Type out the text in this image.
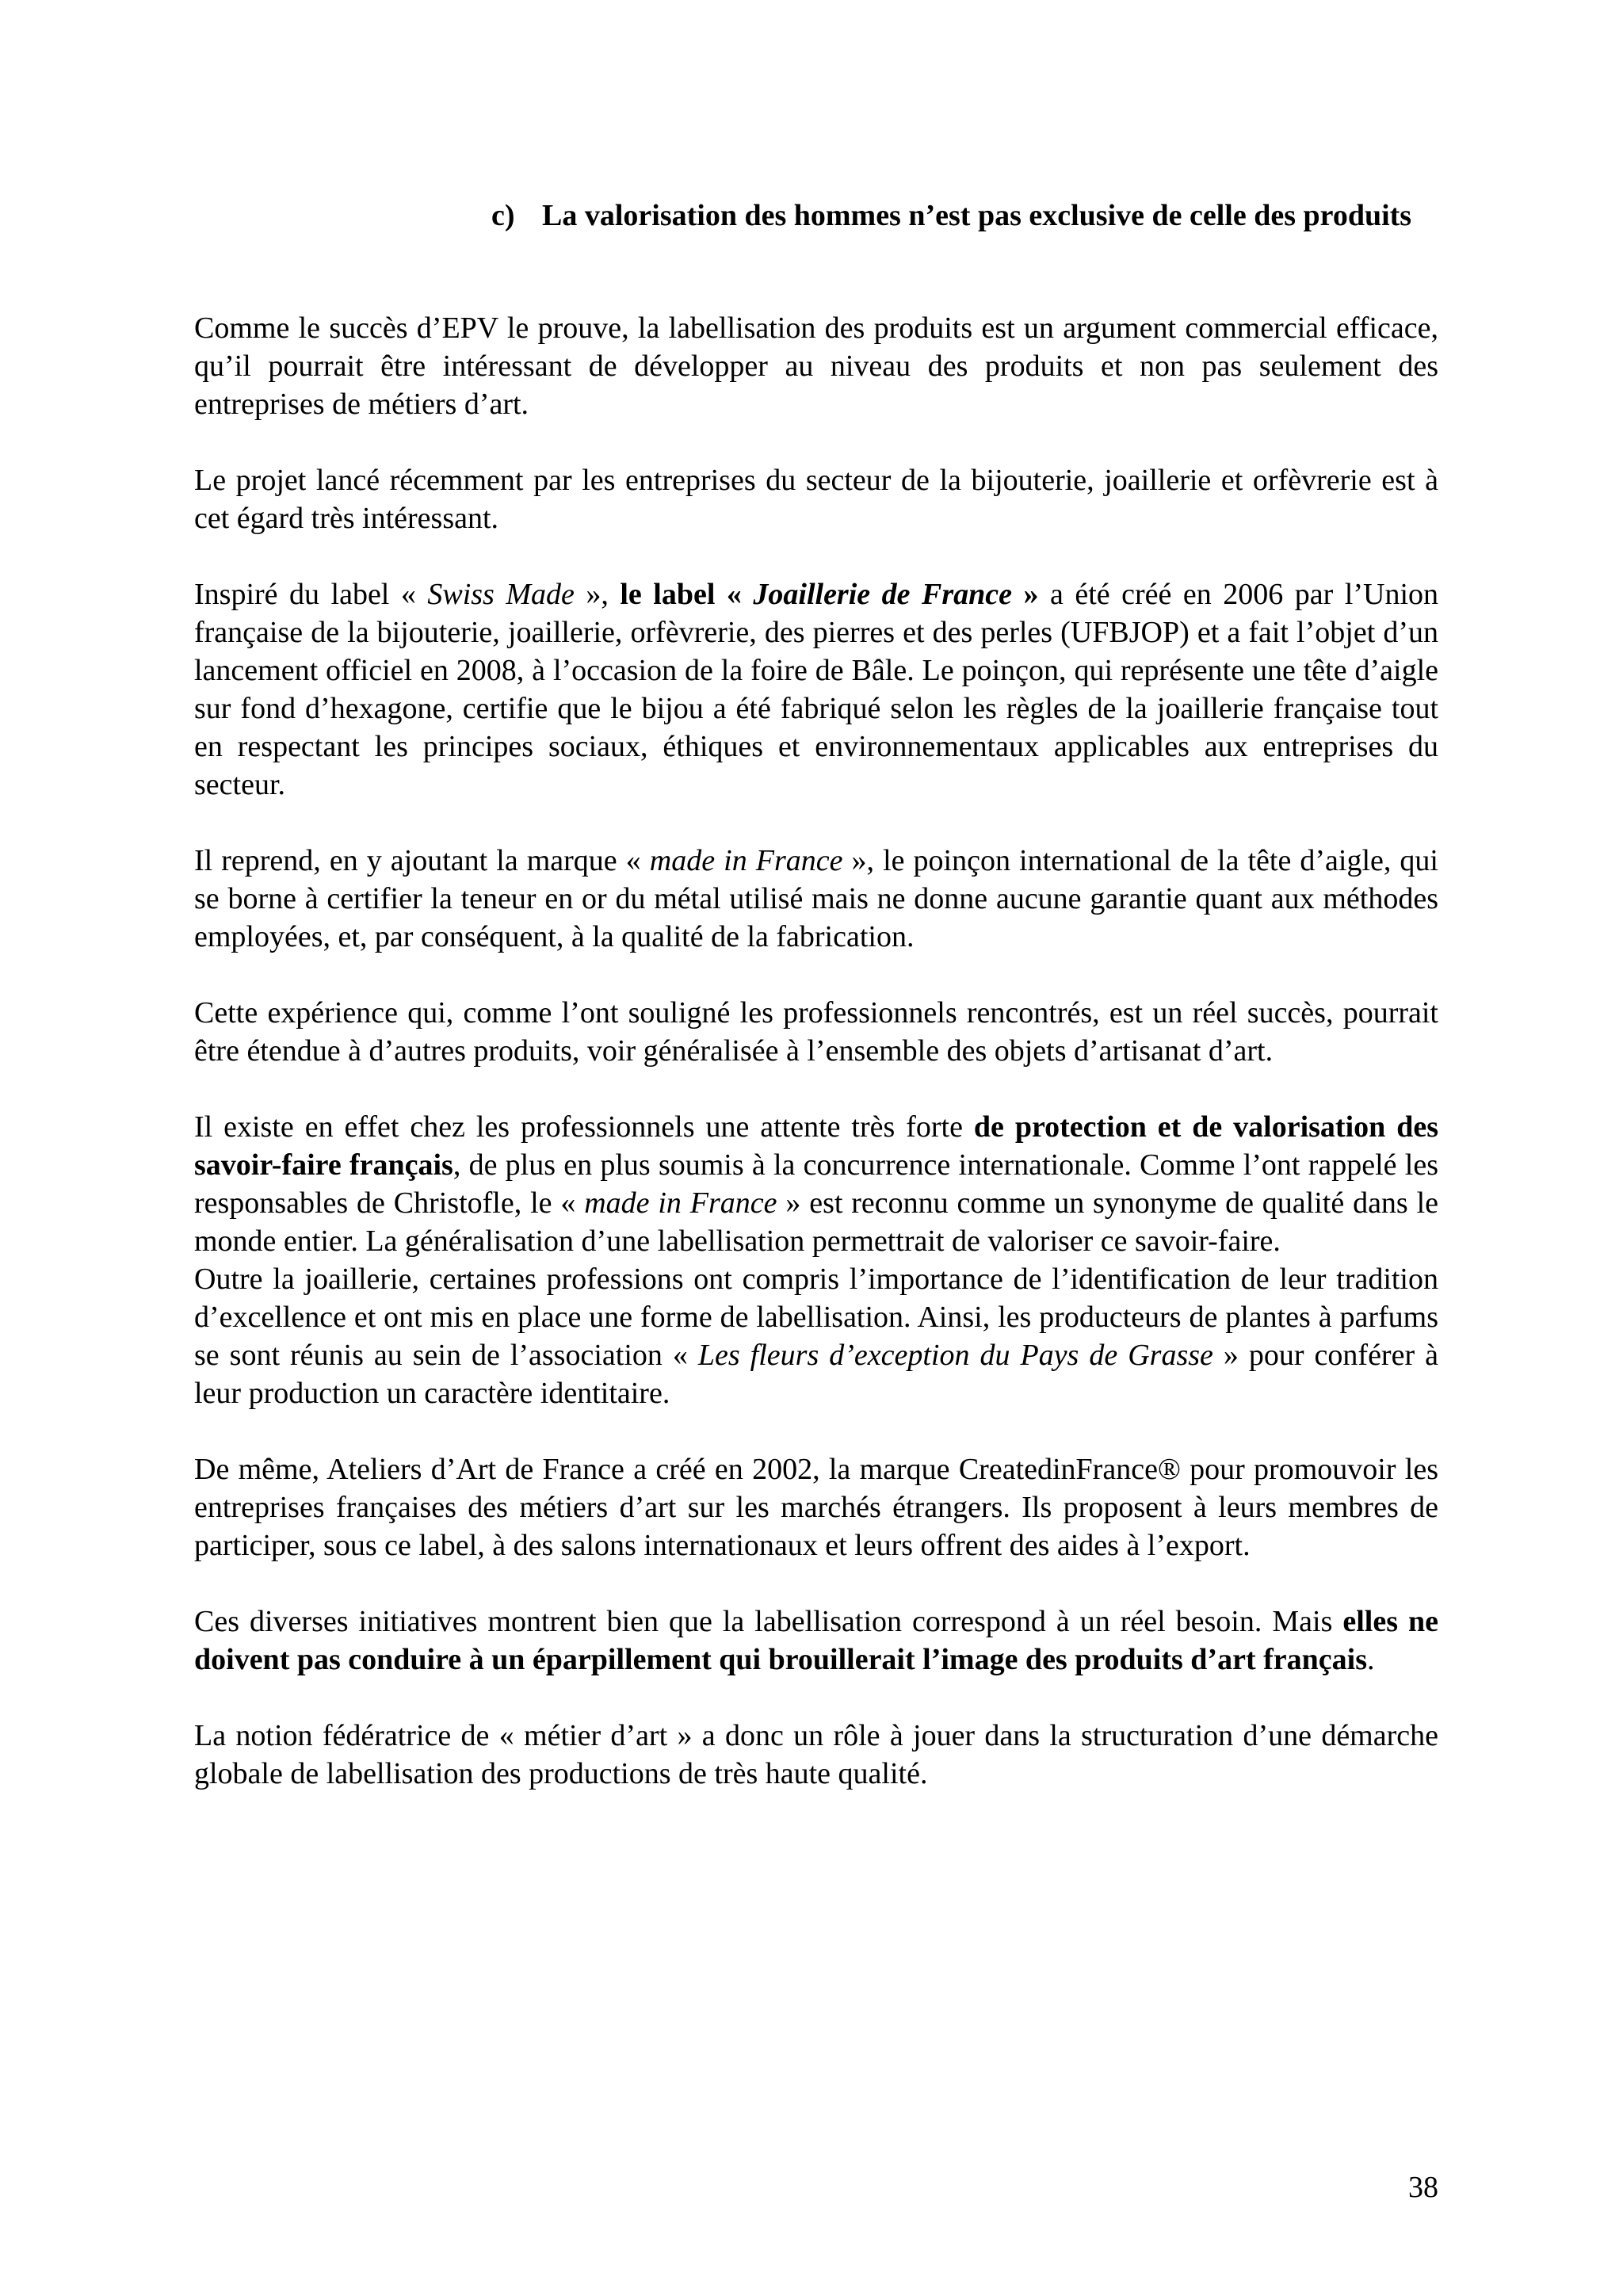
c) La valorisation des hommes n’est pas exclusive de celle des produits

Comme le succès d’EPV le prouve, la labellisation des produits est un argument commercial efficace, qu’il pourrait être intéressant de développer au niveau des produits et non pas seulement des entreprises de métiers d’art.

Le projet lancé récemment par les entreprises du secteur de la bijouterie, joaillerie et orfèvrerie est à cet égard très intéressant.

Inspiré du label « Swiss Made », le label « Joaillerie de France » a été créé en 2006 par l’Union française de la bijouterie, joaillerie, orfèvrerie, des pierres et des perles (UFBJOP) et a fait l’objet d’un lancement officiel en 2008, à l’occasion de la foire de Bâle. Le poinçon, qui représente une tête d’aigle sur fond d’hexagone, certifie que le bijou a été fabriqué selon les règles de la joaillerie française tout en respectant les principes sociaux, éthiques et environnementaux applicables aux entreprises du secteur.

Il reprend, en y ajoutant la marque « made in France », le poinçon international de la tête d’aigle, qui se borne à certifier la teneur en or du métal utilisé mais ne donne aucune garantie quant aux méthodes employées, et, par conséquent, à la qualité de la fabrication.

Cette expérience qui, comme l’ont souligné les professionnels rencontrés, est un réel succès, pourrait être étendue à d’autres produits, voir généralisée à l’ensemble des objets d’artisanat d’art.

Il existe en effet chez les professionnels une attente très forte de protection et de valorisation des savoir-faire français, de plus en plus soumis à la concurrence internationale. Comme l’ont rappelé les responsables de Christofle, le « made in France » est reconnu comme un synonyme de qualité dans le monde entier. La généralisation d’une labellisation permettrait de valoriser ce savoir-faire.

Outre la joaillerie, certaines professions ont compris l’importance de l’identification de leur tradition d’excellence et ont mis en place une forme de labellisation. Ainsi, les producteurs de plantes à parfums se sont réunis au sein de l’association « Les fleurs d’exception du Pays de Grasse » pour conférer à leur production un caractère identitaire.

De même, Ateliers d’Art de France a créé en 2002, la marque CreatedinFrance® pour promouvoir les entreprises françaises des métiers d’art sur les marchés étrangers. Ils proposent à leurs membres de participer, sous ce label, à des salons internationaux et leurs offrent des aides à l’export.

Ces diverses initiatives montrent bien que la labellisation correspond à un réel besoin. Mais elles ne doivent pas conduire à un éparpillement qui brouillerait l’image des produits d’art français.

La notion fédératrice de « métier d’art » a donc un rôle à jouer dans la structuration d’une démarche globale de labellisation des productions de très haute qualité.

38
